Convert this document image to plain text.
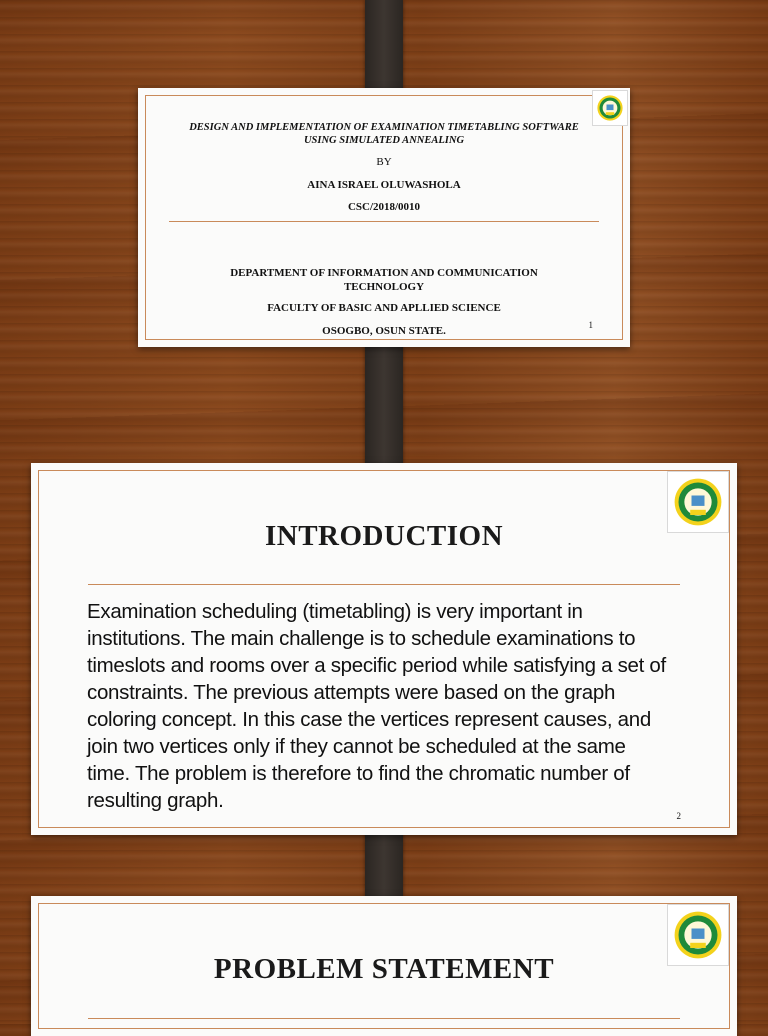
DESIGN AND IMPLEMENTATION OF EXAMINATION TIMETABLING SOFTWARE USING SIMULATED ANNEALING
BY
AINA ISRAEL OLUWASHOLA
CSC/2018/0010
DEPARTMENT OF INFORMATION AND COMMUNICATION TECHNOLOGY
FACULTY OF BASIC AND APLLIED SCIENCE
OSOGBO, OSUN STATE.	1
INTRODUCTION
Examination scheduling (timetabling) is very important in institutions. The main challenge is to schedule examinations to timeslots and rooms over a specific period while satisfying a set of constraints. The previous attempts were based on the graph coloring concept. In this case the vertices represent causes, and join two vertices only if they cannot be scheduled at the same time. The problem is therefore to find the chromatic number of resulting graph.
2
PROBLEM STATEMENT
